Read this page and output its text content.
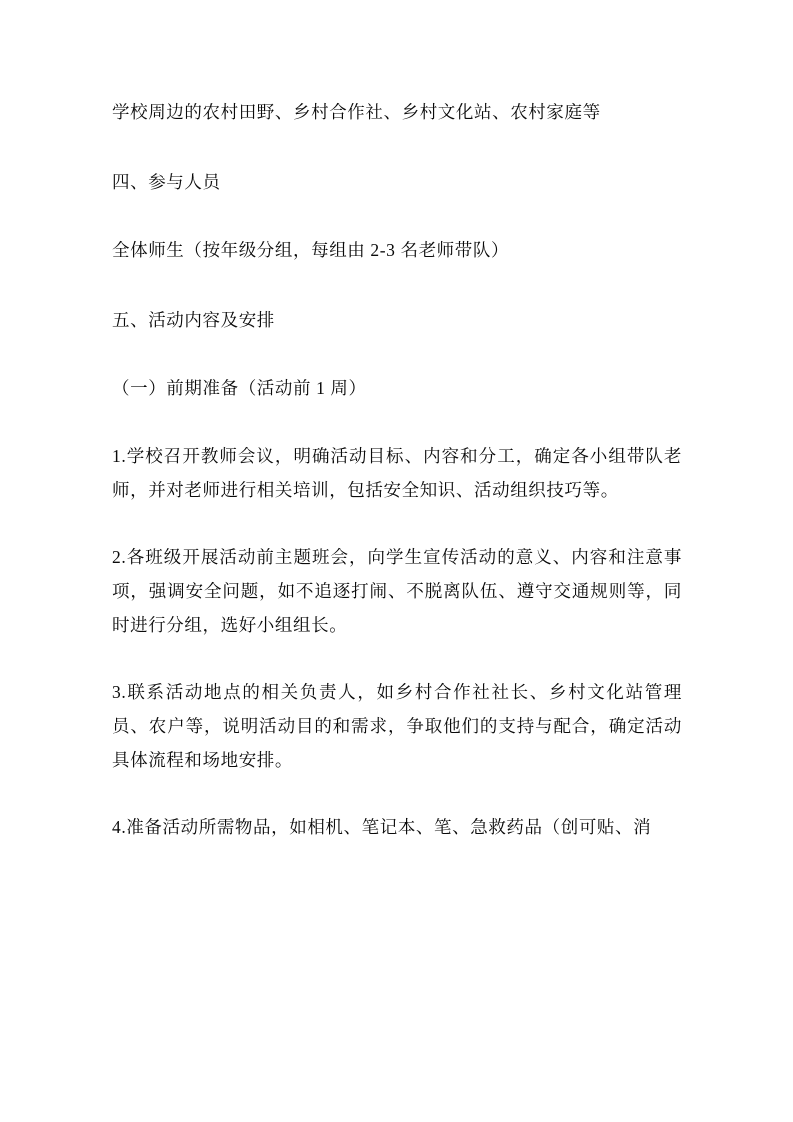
学校周边的农村田野、乡村合作社、乡村文化站、农村家庭等

四、参与人员

全体师生（按年级分组，每组由 2-3 名老师带队）

五、活动内容及安排

（一）前期准备（活动前 1 周）

1.学校召开教师会议，明确活动目标、内容和分工，确定各小组带队老师，并对老师进行相关培训，包括安全知识、活动组织技巧等。

2.各班级开展活动前主题班会，向学生宣传活动的意义、内容和注意事项，强调安全问题，如不追逐打闹、不脱离队伍、遵守交通规则等，同时进行分组，选好小组组长。

3.联系活动地点的相关负责人，如乡村合作社社长、乡村文化站管理员、农户等，说明活动目的和需求，争取他们的支持与配合，确定活动具体流程和场地安排。

4.准备活动所需物品，如相机、笔记本、笔、急救药品（创可贴、消
